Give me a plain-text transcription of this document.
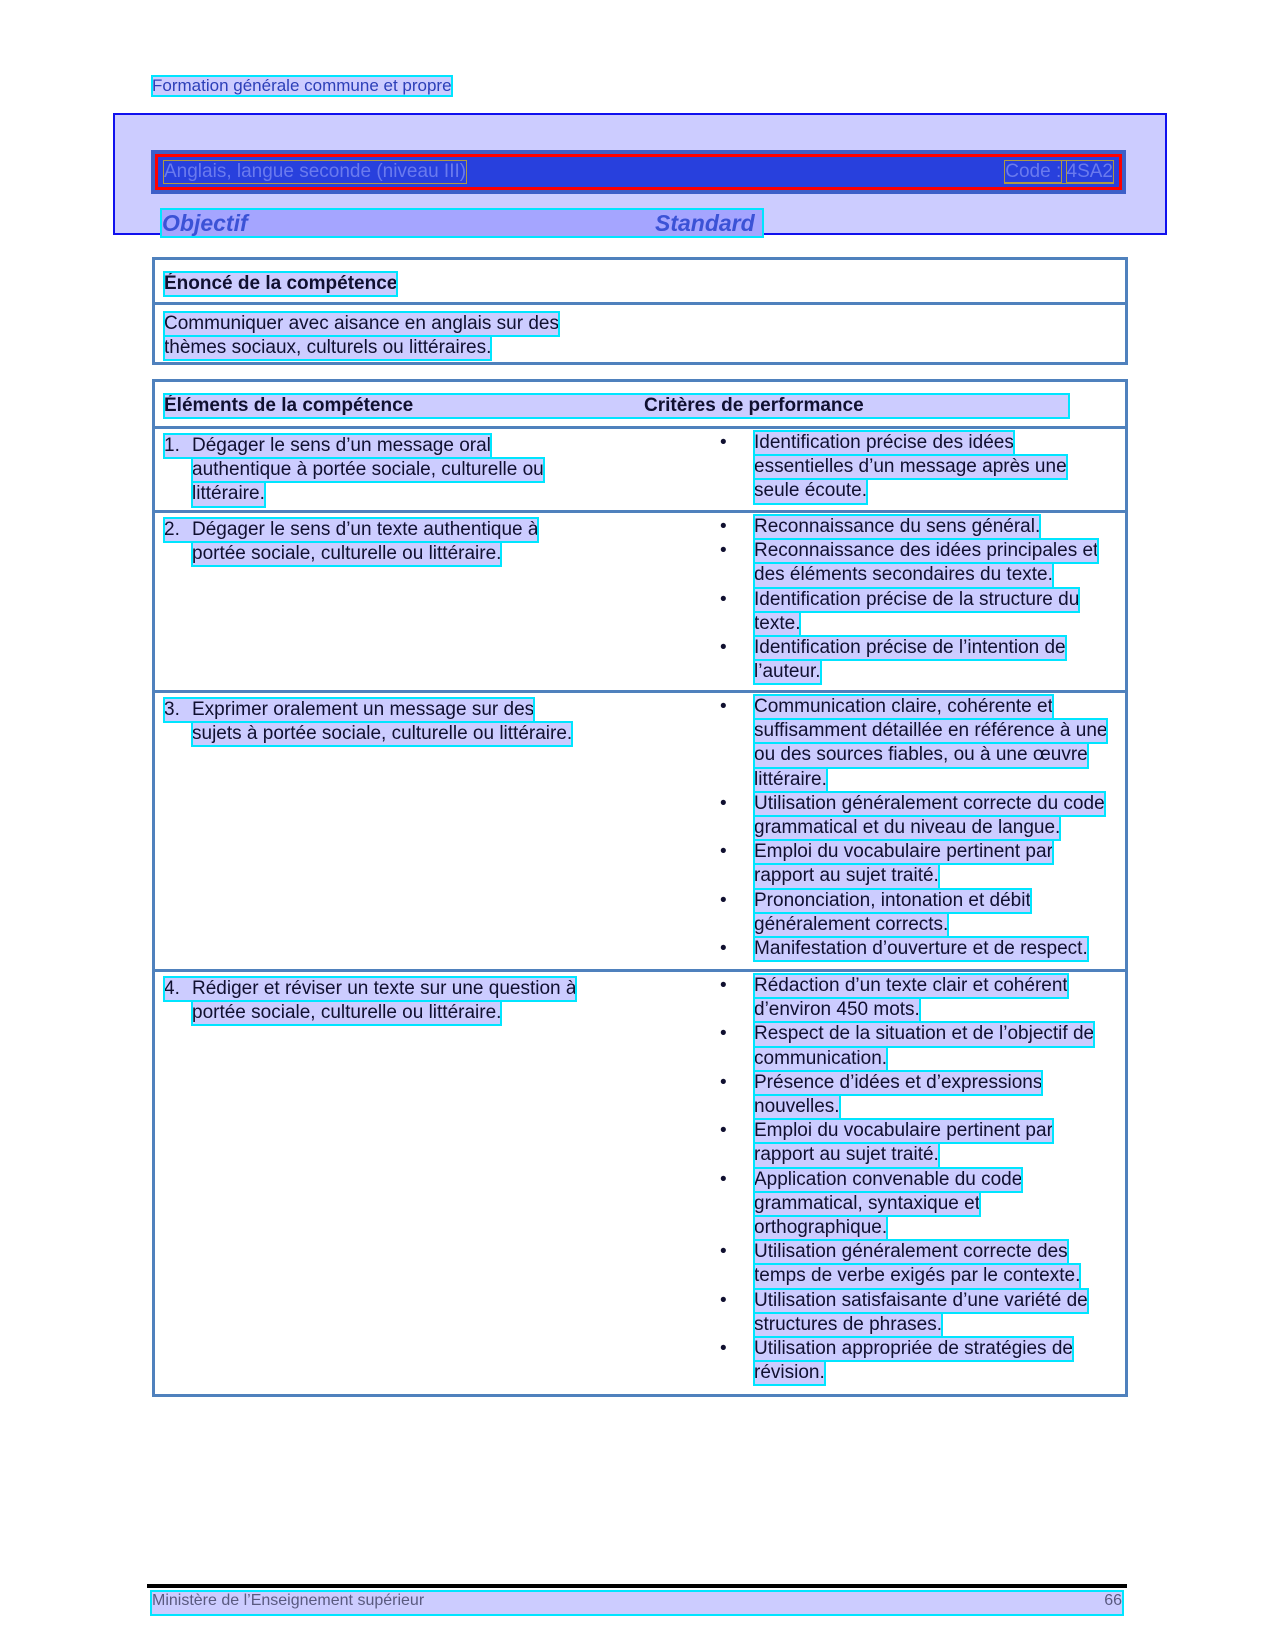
Formation générale commune et propre
Anglais, langue seconde (niveau III)	Code : 4SA2
Objectif	Standard
Énoncé de la compétence
Communiquer avec aisance en anglais sur des
thèmes sociaux, culturels ou littéraires.
Éléments de la compétence	Critères de performance
1. Dégager le sens d’un message oral
authentique à portée sociale, culturelle ou
littéraire.
• Identification précise des idées
essentielles d’un message après une
seule écoute.
2. Dégager le sens d’un texte authentique à
portée sociale, culturelle ou littéraire.
• Reconnaissance du sens général.
• Reconnaissance des idées principales et
des éléments secondaires du texte.
• Identification précise de la structure du
texte.
• Identification précise de l’intention de
l’auteur.
3. Exprimer oralement un message sur des
sujets à portée sociale, culturelle ou littéraire.
• Communication claire, cohérente et
suffisamment détaillée en référence à une
ou des sources fiables, ou à une œuvre
littéraire.
• Utilisation généralement correcte du code
grammatical et du niveau de langue.
• Emploi du vocabulaire pertinent par
rapport au sujet traité.
• Prononciation, intonation et débit
généralement corrects.
• Manifestation d’ouverture et de respect.
4. Rédiger et réviser un texte sur une question à
portée sociale, culturelle ou littéraire.
• Rédaction d’un texte clair et cohérent
d’environ 450 mots.
• Respect de la situation et de l’objectif de
communication.
• Présence d’idées et d’expressions
nouvelles.
• Emploi du vocabulaire pertinent par
rapport au sujet traité.
• Application convenable du code
grammatical, syntaxique et
orthographique.
• Utilisation généralement correcte des
temps de verbe exigés par le contexte.
• Utilisation satisfaisante d’une variété de
structures de phrases.
• Utilisation appropriée de stratégies de
révision.
Ministère de l’Enseignement supérieur	66
